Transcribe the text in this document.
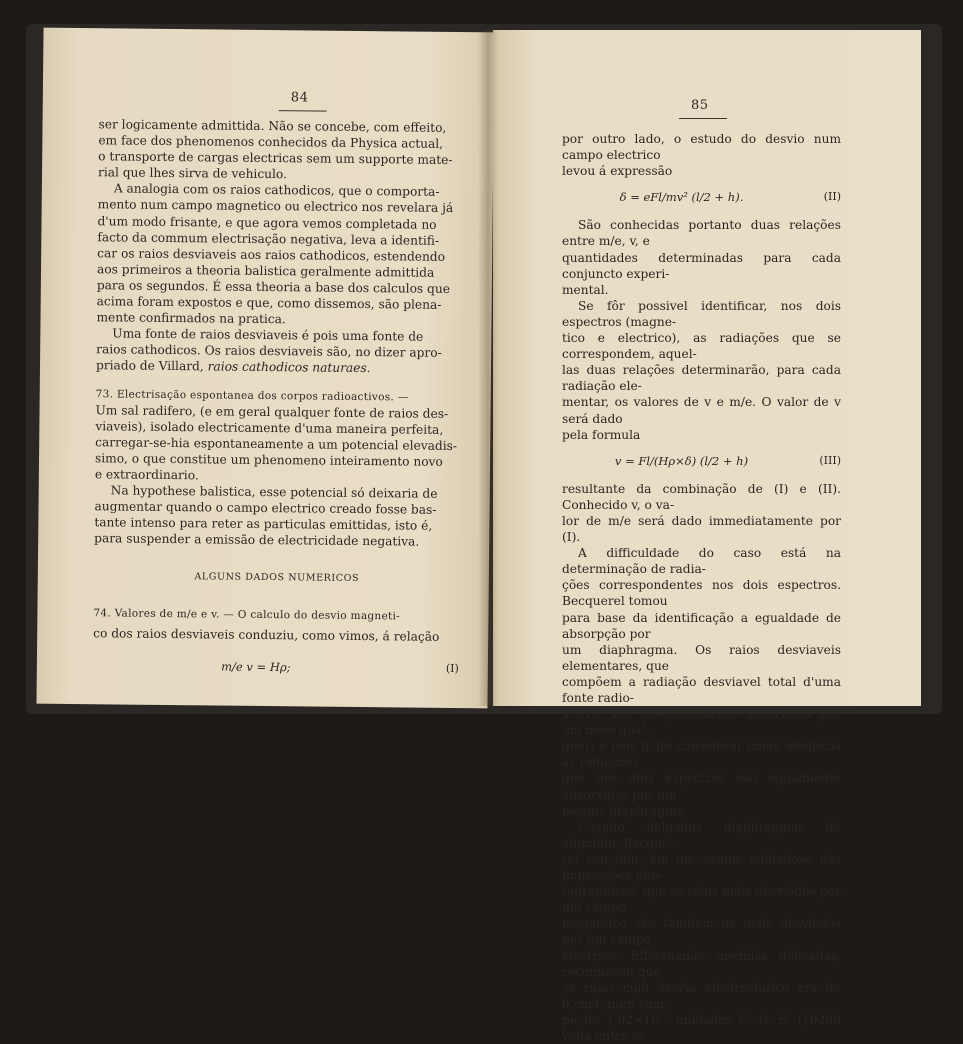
84

ser logicamente admittida. Não se concebe, com effeito,

em face dos phenomenos conhecidos da Physica actual,

o transporte de cargas electricas sem um supporte mate-

rial que lhes sirva de vehiculo.

A analogia com os raios cathodicos, que o comporta-

mento num campo magnetico ou electrico nos revelara já

d'um modo frisante, e que agora vemos completada no

facto da commum electrisação negativa, leva a identifi-

car os raios desviaveis aos raios cathodicos, estendendo

aos primeiros a theoria balistica geralmente admittida

para os segundos. É essa theoria a base dos calculos que

acima foram expostos e que, como dissemos, são plena-

mente confirmados na pratica.

Uma fonte de raios desviaveis é pois uma fonte de

raios cathodicos. Os raios desviaveis são, no dizer apro-

priado de Villard, raios cathodicos naturaes.

73. Electrisação espontanea dos corpos radioactivos. —

Um sal radifero, (e em geral qualquer fonte de raios des-

viaveis), isolado electricamente d'uma maneira perfeita,

carregar-se-hia espontaneamente a um potencial elevadis-

simo, o que constitue um phenomeno inteiramento novo

e extraordinario.

Na hypothese balistica, esse potencial só deixaria de

augmentar quando o campo electrico creado fosse bas-

tante intenso para reter as particulas emittidas, isto é,

para suspender a emissão de electricidade negativa.

ALGUNS DADOS NUMERICOS

74. Valores de m/e e v. — O calculo do desvio magneti-

co dos raios desviaveis conduziu, como vimos, á relação

m/e v = Hρ;	(I)
85

por outro lado, o estudo do desvio num campo electrico

levou á expressão

δ = eFl/mv² (l/2 + h).	(II)

São conhecidas portanto duas relações entre m/e, v, e

quantidades determinadas para cada conjuncto experi-

mental.

Se fôr possivel identificar, nos dois espectros (magne-

tico e electrico), as radiações que se correspondem, aquel-

las duas relações determinarão, para cada radiação ele-

mentar, os valores de v e m/e. O valor de v será dado

pela formula

v = Fl/(Hρ×δ) (l/2 + h)	(III)

resultante da combinação de (I) e (II). Conhecido v, o va-

lor de m/e será dado immediatamente por (I).

A difficuldade do caso está na determinação de radia-

ções correspondentes nos dois espectros. Becquerel tomou

para base da identificação a egualdade de absorpção por

um diaphragma. Os raios desviaveis elementares, que

compõem a radiação desviavel total d'uma fonte radio-

activa, são deseguialmente absorvidos por um meio qual-

quer; é pois licito considerar como identicas as radiações

que nos dois espectros são egualmente absorvidas por um

mesmo diaphragma.

Usando delgados diaphragmas de aluminio, Becque-

rel concluiu, em um exame cuidadoso das impressões pho-

tographicas, que os raios mais desviados por um campo

magnetico são tambem os mais desviados por um campo

electrico. Effectuando medidas delicadas, reconheceu que

os raios cujo desvio electrostatico era de 0,cm4, num cam-

po de 1,02×10¹² unidades C. G. S. (10200 volts entre os
